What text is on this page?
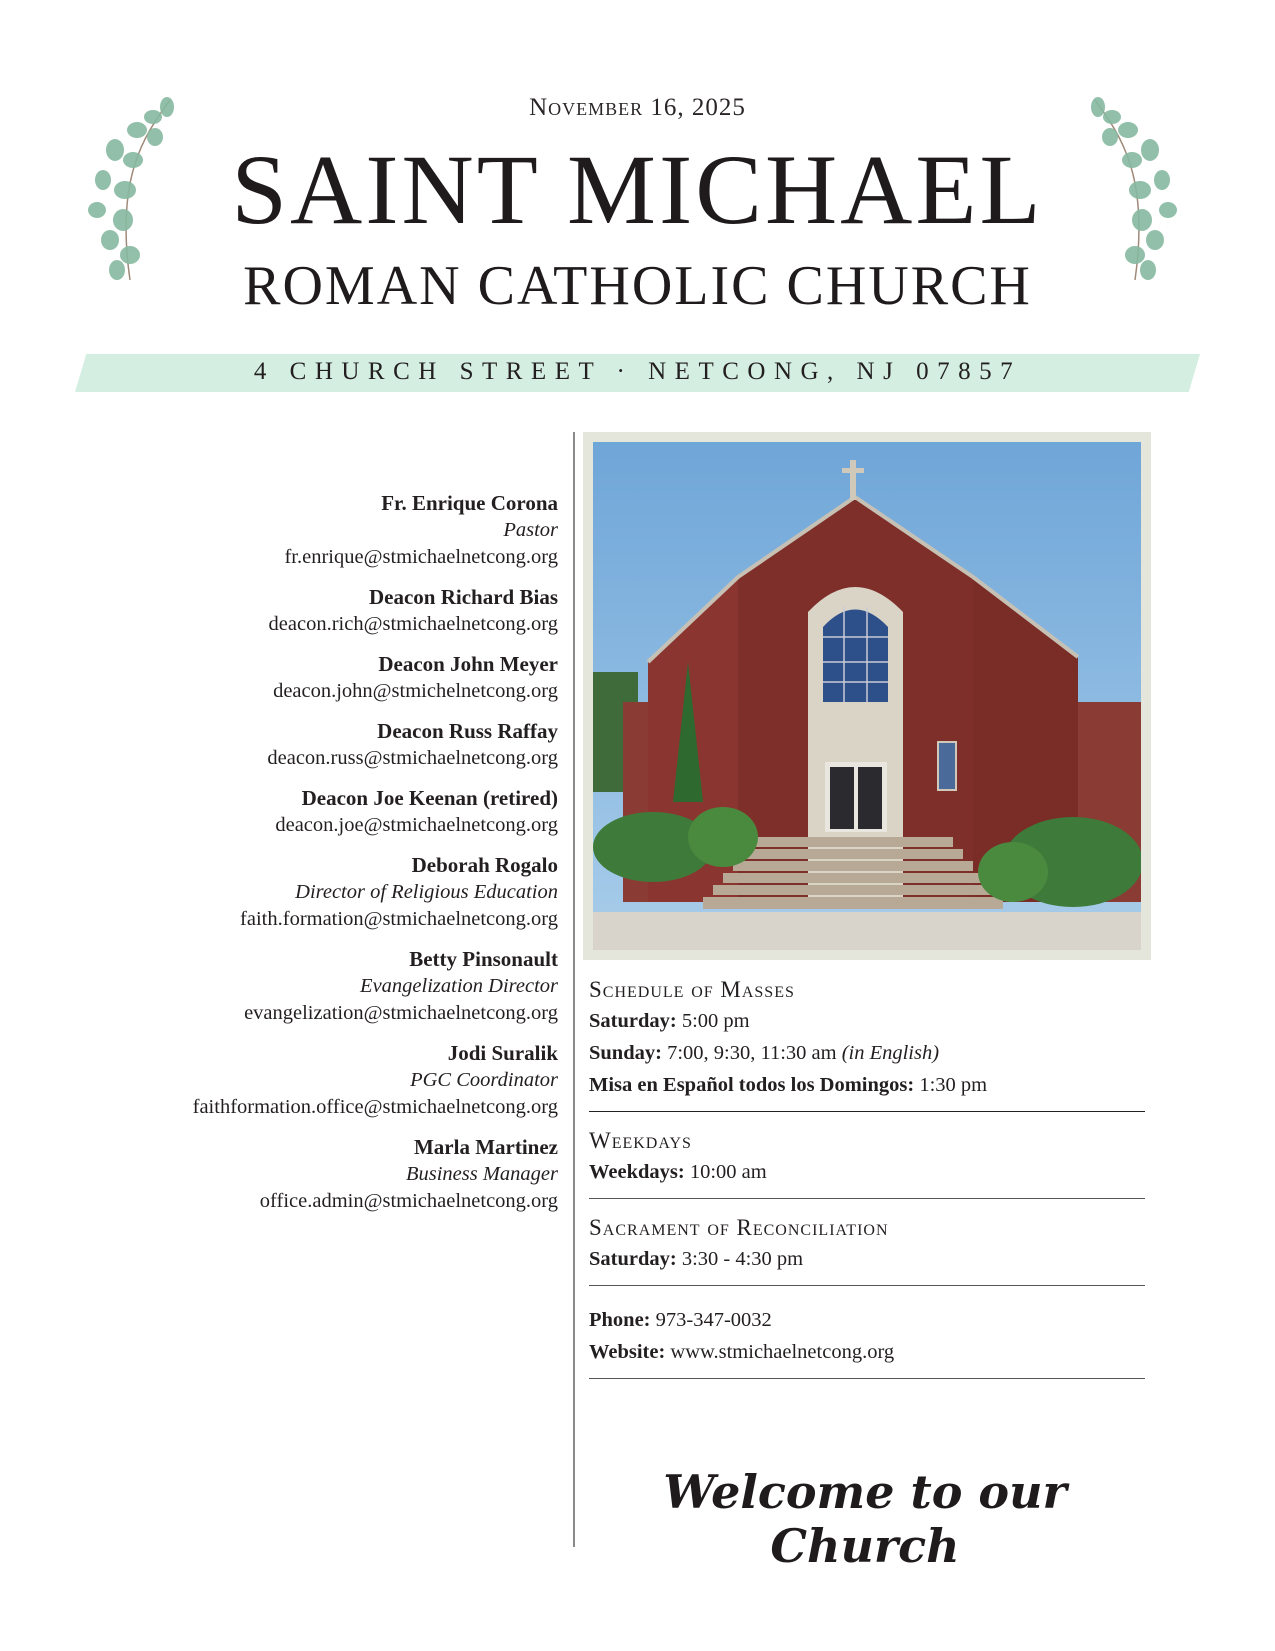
November 16, 2025
SAINT MICHAEL
ROMAN CATHOLIC CHURCH
4 CHURCH STREET · NETCONG, NJ 07857
Fr. Enrique Corona
Pastor
fr.enrique@stmichaelnetcong.org
Deacon Richard Bias
deacon.rich@stmichaelnetcong.org
Deacon John Meyer
deacon.john@stmichelnetcong.org
Deacon Russ Raffay
deacon.russ@stmichaelnetcong.org
Deacon Joe Keenan (retired)
deacon.joe@stmichaelnetcong.org
Deborah Rogalo
Director of Religious Education
faith.formation@stmichaelnetcong.org
Betty Pinsonault
Evangelization Director
evangelization@stmichaelnetcong.org
Jodi Suralik
PGC Coordinator
faithformation.office@stmichaelnetcong.org
Marla Martinez
Business Manager
office.admin@stmichaelnetcong.org
Schedule of Masses
Saturday: 5:00 pm
Sunday: 7:00, 9:30, 11:30 am (in English)
Misa en Español todos los Domingos: 1:30 pm
Weekdays
Weekdays: 10:00 am
Sacrament of Reconciliation
Saturday: 3:30 - 4:30 pm
Phone: 973-347-0032
Website: www.stmichaelnetcong.org
Welcome to our Church
